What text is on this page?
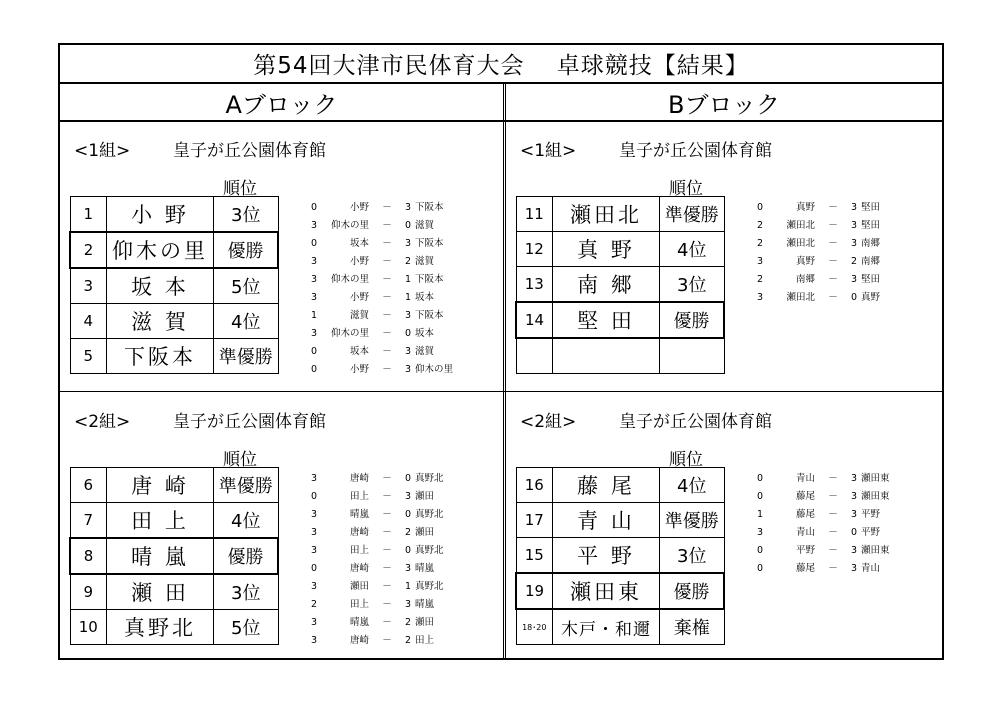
第54回大津市民体育大会　 卓球競技【結果】
Aブロック	Bブロック
<1組>	皇子が丘公園体育館
順位
1	小 野	3位
2	仰木の里	優勝
3	坂 本	5位
4	滋 賀	4位
5	下阪本	準優勝
0	小野	－	3 下阪本
3	仰木の里	－	0 滋賀
0	坂本	－	3 下阪本
3	小野	－	2 滋賀
3	仰木の里	－	1 下阪本
3	小野	－	1 坂本
1	滋賀	－	3 下阪本
3	仰木の里	－	0 坂本
0	坂本	－	3 滋賀
0	小野	－	3 仰木の里
<2組>	皇子が丘公園体育館
順位
6	唐 崎	準優勝
7	田 上	4位
8	晴 嵐	優勝
9	瀬 田	3位
10	真野北	5位
3	唐崎	－	0 真野北
0	田上	－	3 瀬田
3	晴嵐	－	0 真野北
3	唐崎	－	2 瀬田
3	田上	－	0 真野北
0	唐崎	－	3 晴嵐
3	瀬田	－	1 真野北
2	田上	－	3 晴嵐
3	晴嵐	－	2 瀬田
3	唐崎	－	2 田上
<1組>	皇子が丘公園体育館
順位
11	瀬田北	準優勝
12	真 野	4位
13	南 郷	3位
14	堅 田	優勝

0	真野	－	3 堅田
2	瀬田北	－	3 堅田
2	瀬田北	－	3 南郷
3	真野	－	2 南郷
2	南郷	－	3 堅田
3	瀬田北	－	0 真野
<2組>	皇子が丘公園体育館
順位
16	藤 尾	4位
17	青 山	準優勝
15	平 野	3位
19	瀬田東	優勝
18･20	木戸・和邇	棄権
0	青山	－	3 瀬田東
0	藤尾	－	3 瀬田東
1	藤尾	－	3 平野
3	青山	－	0 平野
0	平野	－	3 瀬田東
0	藤尾	－	3 青山
